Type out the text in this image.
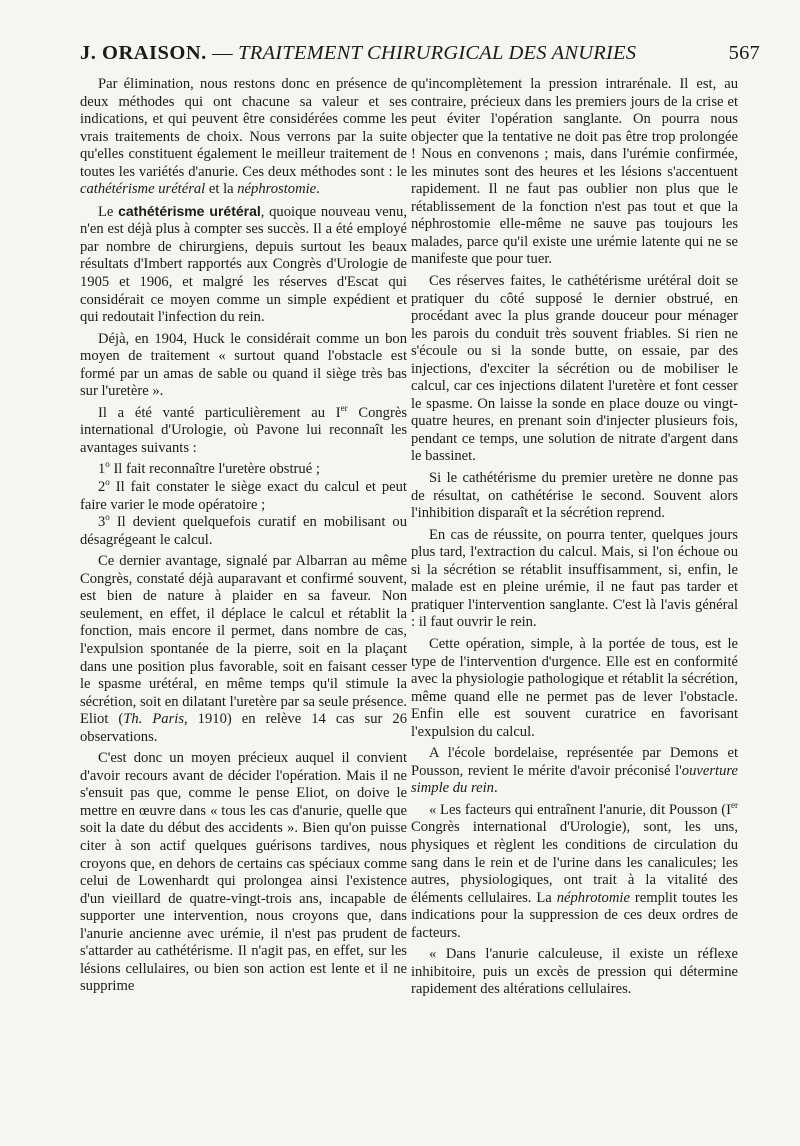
J. ORAISON. — TRAITEMENT CHIRURGICAL DES ANURIES	567

Par élimination, nous restons donc en présence de deux méthodes qui ont chacune sa valeur et ses indications, et qui peuvent être considérées comme les vrais traitements de choix. Nous verrons par la suite qu'elles constituent également le meilleur traitement de toutes les variétés d'anurie. Ces deux méthodes sont : le cathétérisme urétéral et la néphrostomie.

Le cathétérisme urétéral, quoique nouveau venu, n'en est déjà plus à compter ses succès. Il a été employé par nombre de chirurgiens, depuis surtout les beaux résultats d'Imbert rapportés aux Congrès d'Urologie de 1905 et 1906, et malgré les réserves d'Escat qui considérait ce moyen comme un simple expédient et qui redoutait l'infection du rein.

Déjà, en 1904, Huck le considérait comme un bon moyen de traitement « surtout quand l'obstacle est formé par un amas de sable ou quand il siège très bas sur l'uretère ».

Il a été vanté particulièrement au Ier Congrès international d'Urologie, où Pavone lui reconnaît les avantages suivants :

1$^o$ Il fait reconnaître l'uretère obstrué ;

2$^o$ Il fait constater le siège exact du calcul et peut faire varier le mode opératoire ;

3$^o$ Il devient quelquefois curatif en mobilisant ou désagrégeant le calcul.

Ce dernier avantage, signalé par Albarran au même Congrès, constaté déjà auparavant et confirmé souvent, est bien de nature à plaider en sa faveur. Non seulement, en effet, il déplace le calcul et rétablit la fonction, mais encore il permet, dans nombre de cas, l'expulsion spontanée de la pierre, soit en la plaçant dans une position plus favorable, soit en faisant cesser le spasme urétéral, en même temps qu'il stimule la sécrétion, soit en dilatant l'uretère par sa seule présence. Eliot (Th. Paris, 1910) en relève 14 cas sur 26 observations.

C'est donc un moyen précieux auquel il convient d'avoir recours avant de décider l'opération. Mais il ne s'ensuit pas que, comme le pense Eliot, on doive le mettre en œuvre dans « tous les cas d'anurie, quelle que soit la date du début des accidents ». Bien qu'on puisse citer à son actif quelques guérisons tardives, nous croyons que, en dehors de certains cas spéciaux comme celui de Lowenhardt qui prolongea ainsi l'existence d'un vieillard de quatre-vingt-trois ans, incapable de supporter une intervention, nous croyons que, dans l'anurie ancienne avec urémie, il n'est pas prudent de s'attarder au cathétérisme. Il n'agit pas, en effet, sur les lésions cellulaires, ou bien son action est lente et il ne supprime

qu'incomplètement la pression intrarénale. Il est, au contraire, précieux dans les premiers jours de la crise et peut éviter l'opération sanglante. On pourra nous objecter que la tentative ne doit pas être trop prolongée ! Nous en convenons ; mais, dans l'urémie confirmée, les minutes sont des heures et les lésions s'accentuent rapidement. Il ne faut pas oublier non plus que le rétablissement de la fonction n'est pas tout et que la néphrostomie elle-même ne sauve pas toujours les malades, parce qu'il existe une urémie latente qui ne se manifeste que pour tuer.

Ces réserves faites, le cathétérisme urétéral doit se pratiquer du côté supposé le dernier obstrué, en procédant avec la plus grande douceur pour ménager les parois du conduit très souvent friables. Si rien ne s'écoule ou si la sonde butte, on essaie, par des injections, d'exciter la sécrétion ou de mobiliser le calcul, car ces injections dilatent l'uretère et font cesser le spasme. On laisse la sonde en place douze ou vingt-quatre heures, en prenant soin d'injecter plusieurs fois, pendant ce temps, une solution de nitrate d'argent dans le bassinet.

Si le cathétérisme du premier uretère ne donne pas de résultat, on cathétérise le second. Souvent alors l'inhibition disparaît et la sécrétion reprend.

En cas de réussite, on pourra tenter, quelques jours plus tard, l'extraction du calcul. Mais, si l'on échoue ou si la sécrétion se rétablit insuffisamment, si, enfin, le malade est en pleine urémie, il ne faut pas tarder et pratiquer l'intervention sanglante. C'est là l'avis général : il faut ouvrir le rein.

Cette opération, simple, à la portée de tous, est le type de l'intervention d'urgence. Elle est en conformité avec la physiologie pathologique et rétablit la sécrétion, même quand elle ne permet pas de lever l'obstacle. Enfin elle est souvent curatrice en favorisant l'expulsion du calcul.

A l'école bordelaise, représentée par Demons et Pousson, revient le mérite d'avoir préconisé l'ouverture simple du rein.

« Les facteurs qui entraînent l'anurie, dit Pousson (Ier Congrès international d'Urologie), sont, les uns, physiques et règlent les conditions de circulation du sang dans le rein et de l'urine dans les canalicules; les autres, physiologiques, ont trait à la vitalité des éléments cellulaires. La néphrotomie remplit toutes les indications pour la suppression de ces deux ordres de facteurs.

« Dans l'anurie calculeuse, il existe un réflexe inhibitoire, puis un excès de pression qui détermine rapidement des altérations cellulaires.
